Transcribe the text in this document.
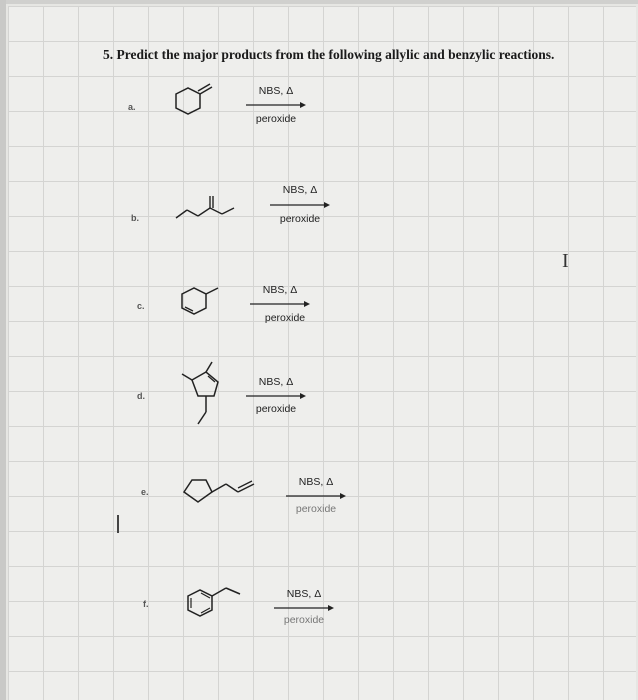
5. Predict the major products from the following allylic and benzylic reactions.
a.
NBS, Δ
peroxide
b.
NBS, Δ
peroxide
c.
NBS, Δ
peroxide
d.
NBS, Δ
peroxide
e.
NBS, Δ
peroxide
f.
NBS, Δ
peroxide
I
